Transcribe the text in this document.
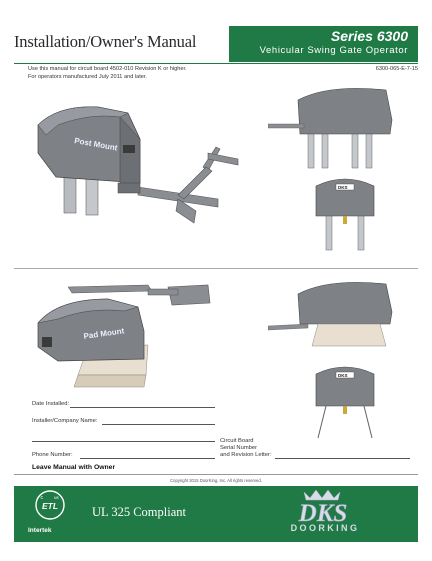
Installation/Owner's Manual	Series 6300
Vehicular Swing Gate Operator
Use this manual for circuit board 4502-010 Revision K or higher.
For operators manufactured July 2011 and later.
6300-065-E-7-15
Post Mount
DKS
Pad Mount
DKS
Date Installed:
Installer/Company Name:
Phone Number:
Circuit Board
Serial Number
and Revision Letter:
Leave Manual with Owner
Copyright 2015 DoorKing, Inc. All rights reserved.
c
ETL
us
Intertek
UL 325 Compliant	DKS
DOORKING
